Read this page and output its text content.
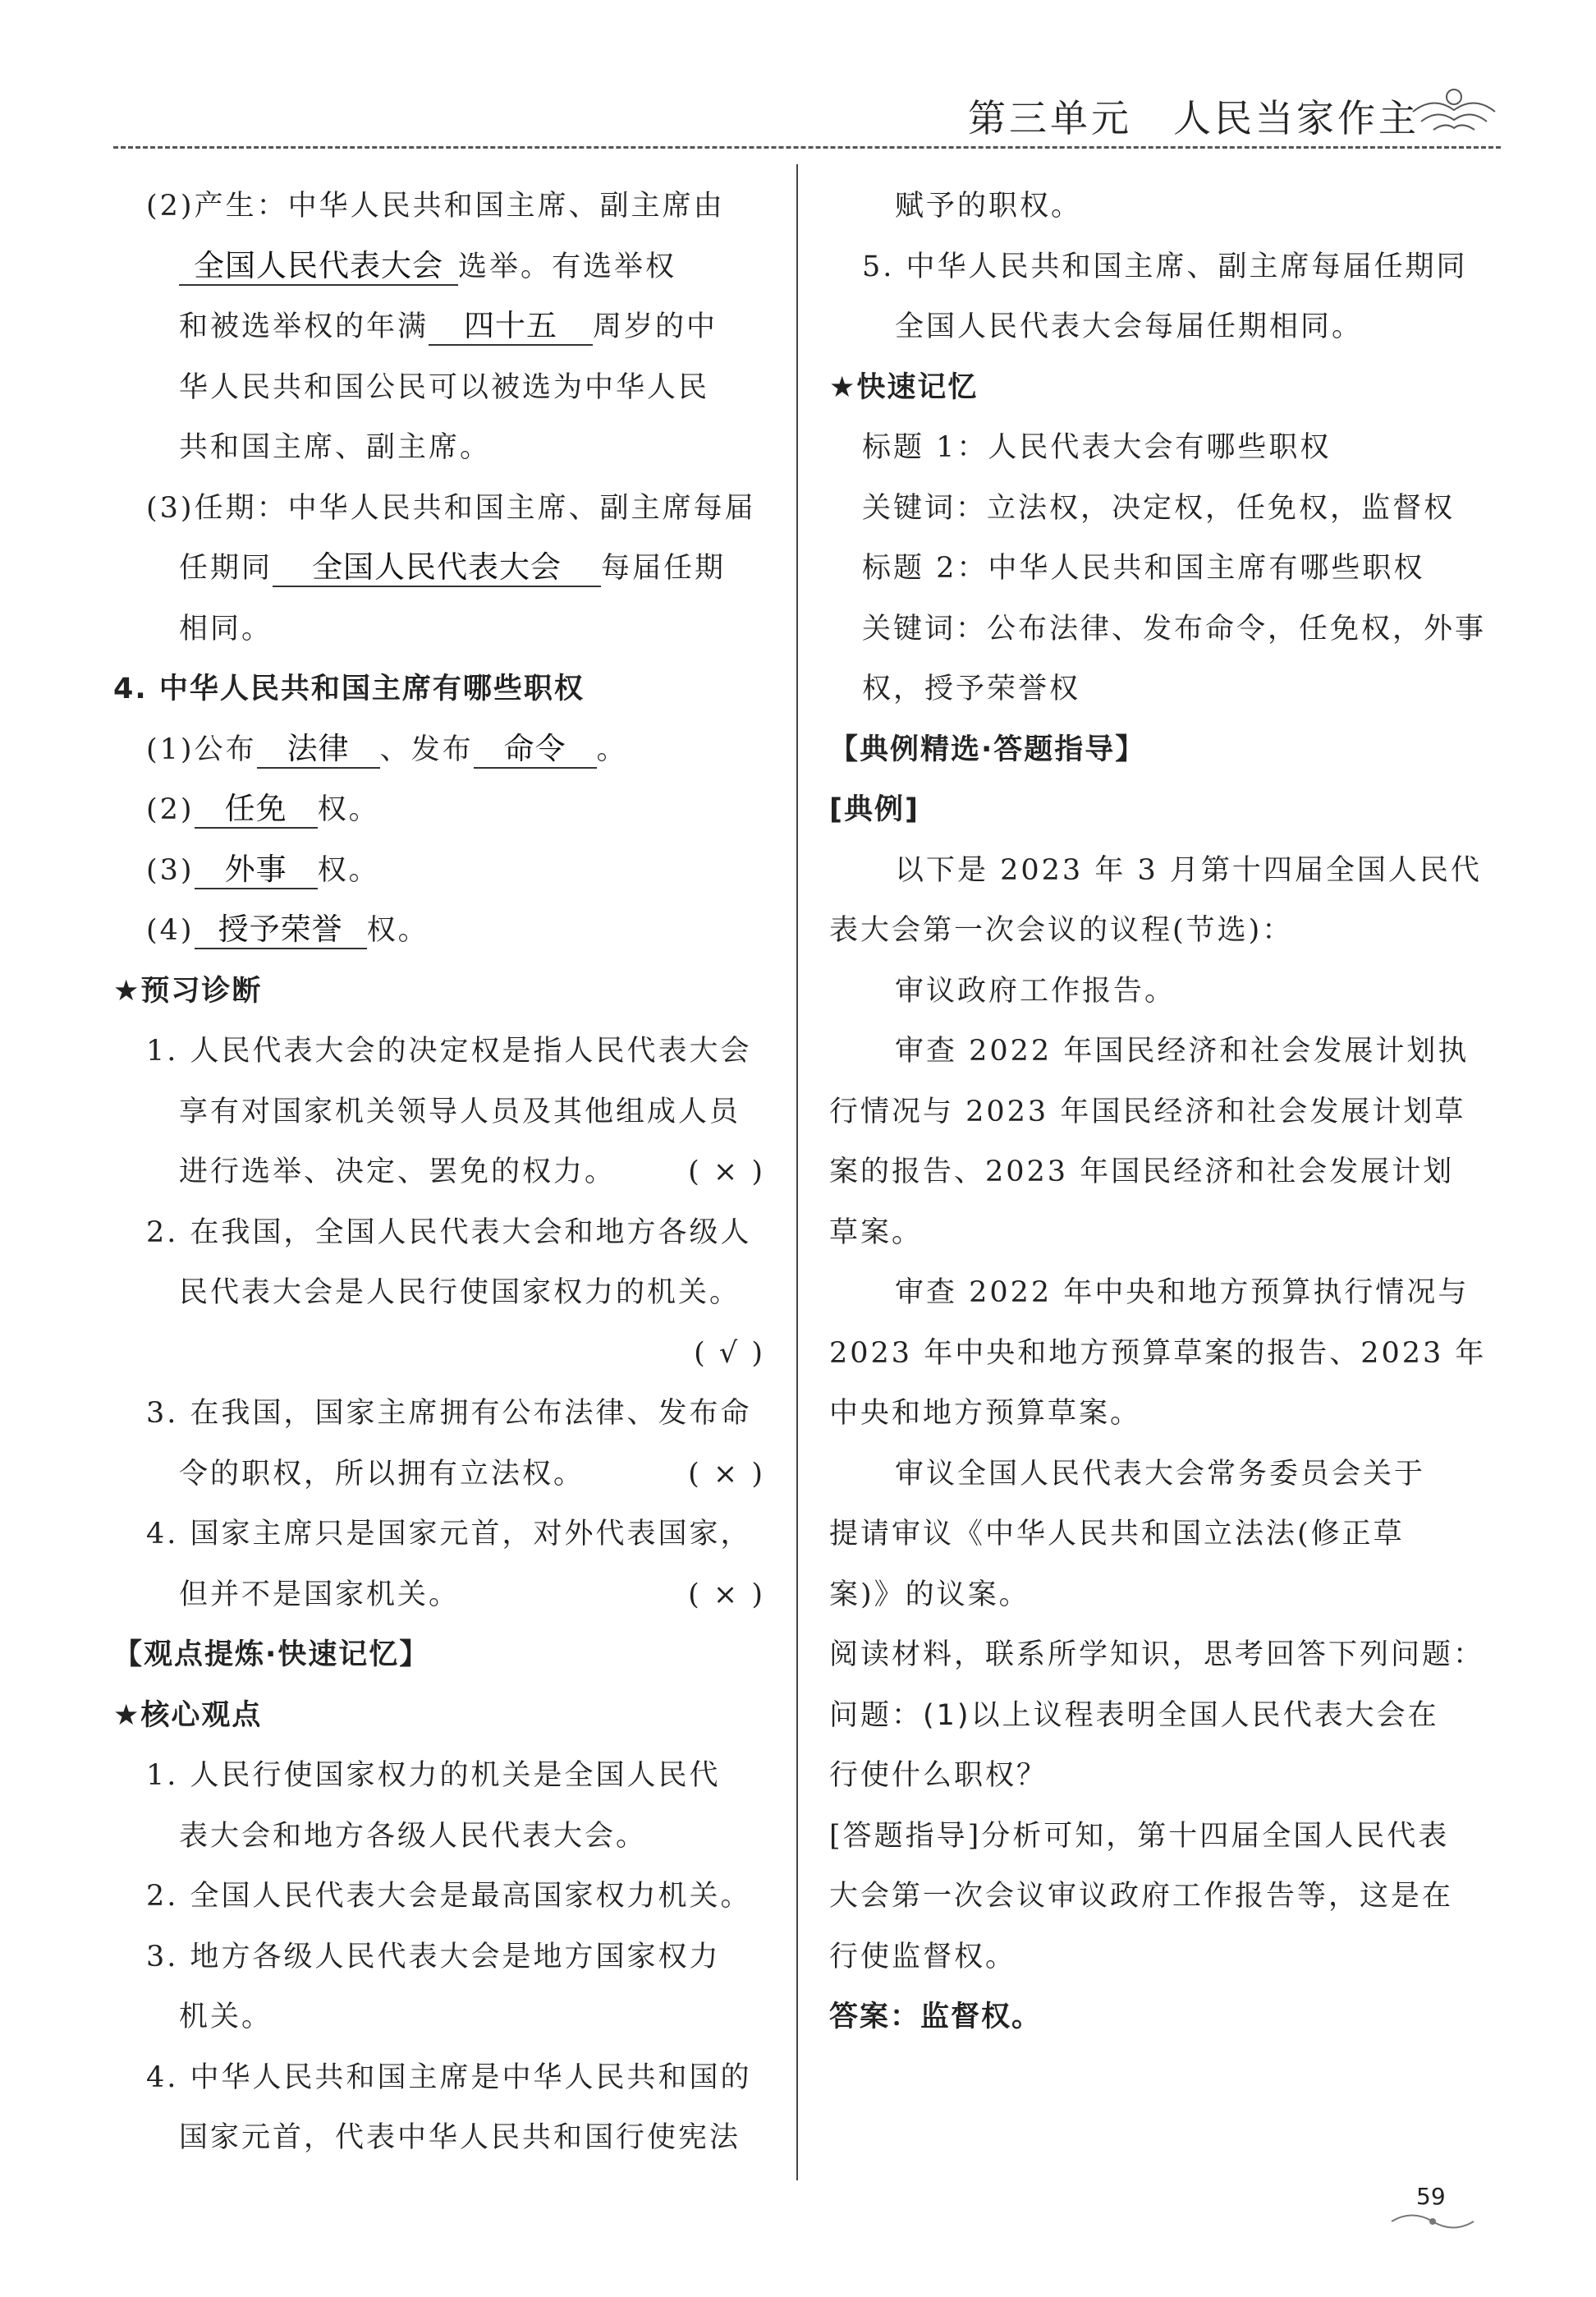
第三单元　人民当家作主
(2)产生：中华人民共和国主席、副主席由
全国人民代表大会 选举。有选举权
和被选举权的年满 四十五 周岁的中
华人民共和国公民可以被选为中华人民
共和国主席、副主席。
(3)任期：中华人民共和国主席、副主席每届
任期同 全国人民代表大会 每届任期
相同。
4. 中华人民共和国主席有哪些职权
(1)公布 法律 、发布 命令 。
(2) 任免 权。
(3) 外事 权。
(4) 授予荣誉 权。
★预习诊断
1. 人民代表大会的决定权是指人民代表大会
享有对国家机关领导人员及其他组成人员
进行选举、决定、罢免的权力。	( × )
2. 在我国，全国人民代表大会和地方各级人
民代表大会是人民行使国家权力的机关。
( √ )
3. 在我国，国家主席拥有公布法律、发布命
令的职权，所以拥有立法权。	( × )
4. 国家主席只是国家元首，对外代表国家，
但并不是国家机关。	( × )
【观点提炼·快速记忆】
★核心观点
1. 人民行使国家权力的机关是全国人民代
表大会和地方各级人民代表大会。
2. 全国人民代表大会是最高国家权力机关。
3. 地方各级人民代表大会是地方国家权力
机关。
4. 中华人民共和国主席是中华人民共和国的
国家元首，代表中华人民共和国行使宪法
赋予的职权。
5. 中华人民共和国主席、副主席每届任期同
全国人民代表大会每届任期相同。
★快速记忆
标题 1：人民代表大会有哪些职权
关键词：立法权，决定权，任免权，监督权
标题 2：中华人民共和国主席有哪些职权
关键词：公布法律、发布命令，任免权，外事
权，授予荣誉权
【典例精选·答题指导】
[典例]
以下是 2023 年 3 月第十四届全国人民代
表大会第一次会议的议程(节选)：
审议政府工作报告。
审查 2022 年国民经济和社会发展计划执
行情况与 2023 年国民经济和社会发展计划草
案的报告、2023 年国民经济和社会发展计划
草案。
审查 2022 年中央和地方预算执行情况与
2023 年中央和地方预算草案的报告、2023 年
中央和地方预算草案。
审议全国人民代表大会常务委员会关于
提请审议《中华人民共和国立法法(修正草
案)》的议案。
阅读材料，联系所学知识，思考回答下列问题：
问题：(1)以上议程表明全国人民代表大会在
行使什么职权？
[答题指导]分析可知，第十四届全国人民代表
大会第一次会议审议政府工作报告等，这是在
行使监督权。
答案：监督权。
59
